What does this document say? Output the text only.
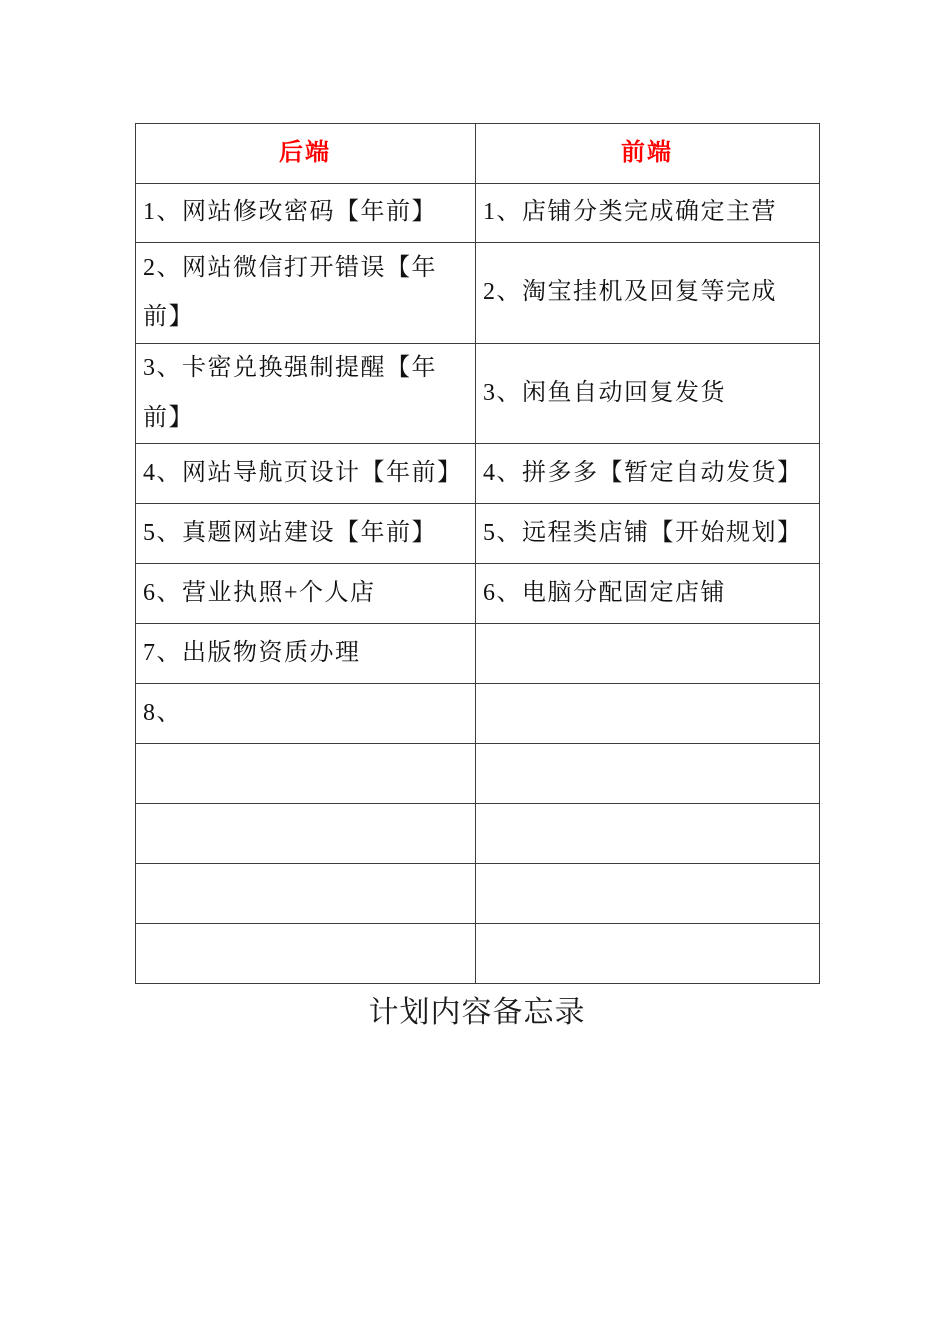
后端	前端
1、网站修改密码【年前】	1、店铺分类完成确定主营
2、网站微信打开错误【年前】	2、淘宝挂机及回复等完成
3、卡密兑换强制提醒【年前】	3、闲鱼自动回复发货
4、网站导航页设计【年前】	4、拼多多【暂定自动发货】
5、真题网站建设【年前】	5、远程类店铺【开始规划】
6、营业执照+个人店	6、电脑分配固定店铺
7、出版物资质办理	
8、	

计划内容备忘录
